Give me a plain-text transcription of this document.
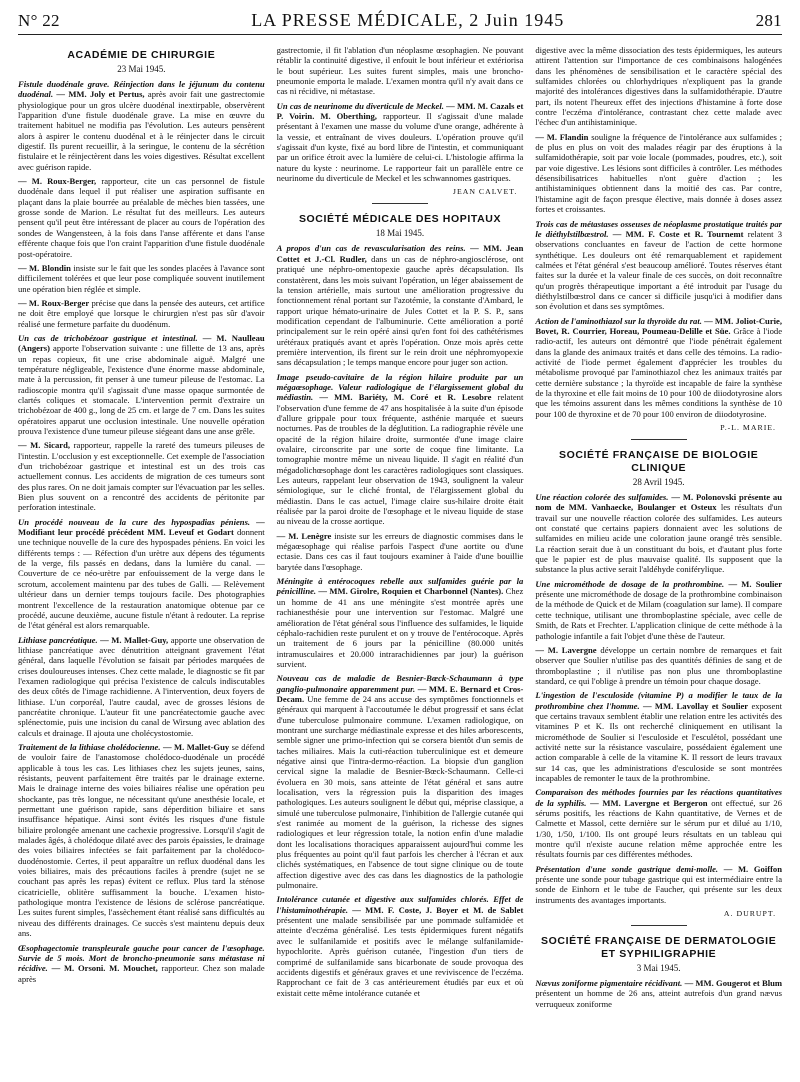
N° 22	LA PRESSE MÉDICALE, 2 Juin 1945	281
ACADÉMIE DE CHIRURGIE
23 Mai 1945.

Fistule duodénale grave. Réinjection dans le jéjunum du contenu duodénal. — MM. Joly et Pertus, après avoir fait une gastrectomie physiologique pour un gros ulcère duodénal inextirpable, observèrent l'apparition d'une fistule duodénale grave. La mise en œuvre du traitement habituel ne modifia pas l'évolution. Les auteurs pensèrent alors à aspirer le contenu duodénal et à le réinjecter dans le circuit digestif. Ils purent recueillir, à la seringue, le contenu de la sécrétion fistulaire et le réinjectèrent dans les voies digestives. Résultat excellent avec guérison rapide.

— M. Roux-Berger, rapporteur, cite un cas personnel de fistule duodénale dans lequel il put réaliser une aspiration suffisante en plaçant dans la plaie bourrée au préalable de mèches bien tassées, une grosse sonde de Marion. Le résultat fut des meilleurs. Les auteurs pensent qu'il peut être intéressant de placer au cours de l'opération des sondes de Wangensteen, à la fois dans l'anse afférente et dans l'anse efférente chaque fois que l'on craint l'apparition d'une fistule duodénale post-opératoire.

— M. Blondin insiste sur le fait que les sondes placées à l'avance sont difficilement tolérées et que leur pose compliquée souvent inutilement une opération bien réglée et simple.

— M. Roux-Berger précise que dans la pensée des auteurs, cet artifice ne doit être employé que lorsque le chirurgien n'est pas sûr d'avoir réalisé une fermeture parfaite du duodénum.

Un cas de trichobézoar gastrique et intestinal. — M. Naulleau (Angers) apporte l'observation suivante : une fillette de 13 ans, après un repas copieux, fit une crise abdominale aiguë. Malgré une température négligeable, l'existence d'une énorme masse abdominale, mate à la percussion, fit penser à une tumeur pileuse de l'estomac. La radioscopie montra qu'il s'agissait d'une masse opaque surmontée de clartés coliques et stomacale. L'intervention permit d'extraire un trichobézoar de 400 g., long de 25 cm. et large de 7 cm. Dans les suites opératoires apparut une occlusion intestinale. Une nouvelle opération prouva l'existence d'une tumeur pileuse siégeant dans une anse grêle.

— M. Sicard, rapporteur, rappelle la rareté des tumeurs pileuses de l'intestin. L'occlusion y est exceptionnelle. Cet exemple de l'association d'un trichobézoar gastrique et intestinal est un des trois cas actuellement connus. Les accidents de migration de ces tumeurs sont des plus rares. On ne doit jamais compter sur l'évacuation par les selles. Bien plus souvent on a rencontré des accidents de péritonite par perforation intestinale.

Un procédé nouveau de la cure des hypospadias péniens. — Modifiant leur procédé précédent MM. Leveuf et Godart donnent une technique nouvelle de la cure des hypospades péniens. En voici les différents temps : — Réfection d'un urètre aux dépens des téguments de la verge, fils passés en dedans, dans la lumière du canal. — Couverture de ce néo-urètre par enfouissement de la verge dans le scrotum, accolement maintenu par des tubes de Galli. — Relèvement ultérieur dans un dernier temps toujours facile. Des photographies montrent l'excellence de la restauration anatomique obtenue par ce procédé, aucune deuxième, aucune fistule n'étant à redouter. La reprise de l'état général est alors remarquable.

Lithiase pancréatique. — M. Mallet-Guy, apporte une observation de lithiase pancréatique avec dénutrition atteignant gravement l'état général, dans laquelle l'évolution se faisait par périodes marquées de crises douloureuses intenses. Chez cette malade, le diagnostic se fit par l'examen radiologique qui précisa l'existence de calculs indiscutables des deux côtés de l'image rachidienne. A l'intervention, deux foyers de lithiase. L'un corporéal, l'autre caudal, avec de grosses lésions de pancréatite chronique. L'auteur fit une pancréatectomie gauche avec splénectomie, puis une incision du canal de Wirsung avec ablation des calculs et drainage. Il ajouta une cholécystostomie.

Traitement de la lithiase cholédocienne. — M. Mallet-Guy se défend de vouloir faire de l'anastomose cholédoco-duodénale un procédé applicable à tous les cas. Les lithiases chez les sujets jeunes, sains, résistants, peuvent parfaitement être traités par le drainage externe. Mais le drainage interne des voies biliaires réalise une opération peu shockante, pas très longue, ne nécessitant qu'une anesthésie locale, et permettant une guérison rapide, sans déperdition biliaire et sans insuffisance hépatique. Ainsi sont évités les risques d'une fistule biliaire prolongée amenant une cachexie progressive. Lorsqu'il s'agit de malades âgés, à cholédoque dilaté avec des parois épaissies, le drainage des voies biliaires infectées se fait parfaitement par la cholédoco-duodénostomie. Certes, il peut apparaître un reflux duodénal dans les voies biliaires, mais des précautions faciles à prendre (sujet ne se couchant pas après les repas) évitent ce reflux. Plus tard la sténose cicatricielle, oblitère suffisamment la bouche. L'examen histo-pathologique montra l'existence de lésions de sclérose pancréatique. Les suites furent simples, l'assèchement étant réalisé sans difficultés au niveau des différents drainages. Ce succès s'est maintenu depuis deux ans.

Œsophagectomie transpleurale gauche pour cancer de l'œsophage. Survie de 5 mois. Mort de broncho-pneumonie sans métastase ni récidive. — M. Orsoni. M. Mouchet, rapporteur. Chez son malade après

gastrectomie, il fit l'ablation d'un néoplasme œsophagien. Ne pouvant rétablir la continuité digestive, il enfouit le bout inférieur et extériorisa le bout supérieur. Les suites furent simples, mais une broncho-pneumonie emporta le malade. L'examen montra qu'il n'y avait dans ce cas ni récidive, ni métastase.

Un cas de neurinome du diverticule de Meckel. — MM. M. Cazals et P. Voirin. M. Oberthing, rapporteur. Il s'agissait d'une malade présentant à l'examen une masse du volume d'une orange, adhérente à la vessie, et entraînant de vives douleurs. L'opération prouve qu'il s'agissait d'un kyste, fixé au bord libre de l'intestin, et communiquant par un orifice étroit avec la lumière de celui-ci. L'histologie affirma la nature du kyste : neurinome. Le rapporteur fait un parallèle entre ce neurinome du diverticule de Meckel et les schwannomes gastriques.

JEAN CALVET.
SOCIÉTÉ MÉDICALE DES HOPITAUX
18 Mai 1945.

A propos d'un cas de revascularisation des reins. — MM. Jean Cottet et J.-Cl. Rudler, dans un cas de néphro-angiosclérose, ont pratiqué une néphro-omentopexie gauche après décapsulation. Ils constatèrent, dans les mois suivant l'opération, un léger abaissement de la tension artérielle, mais surtout une amélioration progressive du fonctionnement rénal portant sur l'azotémie, la constante d'Ambard, le rapport urique hémato-urinaire de Jules Cottet et la P. S. P., sans modification cependant de l'albuminurie. Cette amélioration a porté principalement sur le rein opéré ainsi qu'en font foi des cathétérismes urétéraux pratiqués avant et après l'opération. Onze mois après cette première intervention, ils firent sur le rein droit une néphromyopexie sans décapsulation ; le temps manque encore pour juger son action.

Image pseudo-cavitaire de la région hilaire produite par un mégaœsophage. Valeur radiologique de l'élargissement global du médiastin. — MM. Bariéty, M. Coré et R. Lesobre relatent l'observation d'une femme de 47 ans hospitalisée à la suite d'un épisode d'allure grippale pour toux fréquente, asthénie marquée et sueurs nocturnes. Pas de troubles de la déglutition. La radiographie révèle une opacité de la région hilaire droite, surmontée d'une image claire ovalaire, circonscrite par une sorte de coque fine limitante. La tomographie montre même un niveau liquide. Il s'agit en réalité d'un mégadolichœsophage dont les caractères radiologiques sont classiques. Les auteurs, rappelant leur observation de 1943, soulignent la valeur sémiologique, sur le cliché frontal, de l'élargissement global du médiastin. Dans le cas actuel, l'image claire sus-hilaire droite était réalisée par la paroi droite de l'œsophage et le niveau liquide de stase au niveau de la crosse aortique.

— M. Lenègre insiste sur les erreurs de diagnostic commises dans le mégaœsophage qui réalise parfois l'aspect d'une aortite ou d'une ectasie. Dans ces cas il faut toujours examiner à l'aide d'une bouillie barytée dans l'œsophage.

Méningite à entérocoques rebelle aux sulfamides guérie par la pénicilline. — MM. Girolre, Roquien et Charbonnel (Nantes). Chez un homme de 41 ans une méningite s'est montrée après une rachianesthésie pour une intervention sur l'estomac. Malgré une amélioration de l'état général sous l'influence des sulfamides, le liquide céphalo-rachidien reste purulent et on y trouve de l'entérocoque. Après un traitement de 6 jours par la pénicilline (80.000 unités intramusculaires et 20.000 intrarachidiennes par jour) la guérison survient.

Nouveau cas de maladie de Besnier-Bœck-Schaumann à type ganglio-pulmonaire apparemment pur. — MM. E. Bernard et Cros-Decam. Une femme de 24 ans accuse des symptômes fonctionnels et généraux qui marquent à l'accoutumée le début progressif et sans éclat d'une tuberculose pulmonaire commune. L'examen radiologique, on montrant une surcharge médiastinale expresse et des hiles arborescents, semble signer une primo-infection qui se corsera bientôt d'un semis de taches miliaires. Mais la cuti-réaction tuberculinique est et demeure négative ainsi que l'intra-dermo-réaction. La biopsie d'un ganglion cervical signe la maladie de Besnier-Bœck-Schaumann. Celle-ci évoluera en 30 mois, sans atteinte de l'état général et sans autre localisation, vers la régression puis la disparition des images pathologiques. Les auteurs soulignent le début qui, méprise classique, a simulé une tuberculose pulmonaire, l'inhibition de l'allergie cutanée qui s'est ranimée au moment de la guérison, la richesse des signes radiologiques et leur régression totale, la notion enfin d'une maladie dont les localisations thoraciques apparaissent aujourd'hui comme les plus fréquentes au point qu'il faut parfois les chercher à l'écran et aux clichés systématiques, en l'absence de tout signe clinique ou de toute affection digestive avec des cas dans les diagnostics de la pathologie pulmonaire.

Intolérance cutanée et digestive aux sulfamides chlorés. Effet de l'histaminothérapie. — MM. F. Coste, J. Boyer et M. de Sablet présentent une malade sensibilisée par une pommade sulfamidée et atteinte d'eczéma généralisé. Les tests épidermiques furent négatifs avec le sulfanilamide et positifs avec le mélange sulfanilamide-hypochlorite. Après guérison cutanée, l'ingestion d'un tiers de comprimé de sulfanilamide sans bicarbonate de soude provoqua des accidents digestifs et généraux graves et une reviviscence de l'eczéma. Rapprochant ce fait de 3 cas antérieurement étudiés par eux et où existait cette même intolérance cutanée et

digestive avec la même dissociation des tests épidermiques, les auteurs attirent l'attention sur l'importance de ces combinaisons halogénées dans les phénomènes de sensibilisation et le caractère spécial des sulfamides chlorées ou chlorhydriques n'expliquent pas la grande majorité des intolérances digestives dans la sulfamidothérapie. D'autre part, ils notent l'heureux effet des injections d'histamine à forte dose contre l'eczéma d'intolérance, contrastant chez cette malade avec l'échec d'un antihistaminique.

— M. Flandin souligne la fréquence de l'intolérance aux sulfamides ; de plus en plus on voit des malades réagir par des éruptions à la sulfamidothérapie, soit par voie locale (pommades, poudres, etc.), soit par voie digestive. Les lésions sont difficiles à contrôler. Les méthodes désensibilisatrices habituelles n'ont guère d'action ; les antihistaminiques obtiennent dans la moitié des cas. Par contre, l'histamine agit de façon presque élective, mais donnée à doses assez fortes et croissantes.

Trois cas de métastases osseuses de néoplasme prostatique traités par le diéthylstilbæstrol. — MM. F. Coste et R. Tournemt relatent 3 observations concluantes en faveur de l'action de cette hormone synthétique. Les douleurs ont été remarquablement et rapidement calmées et l'état général s'est beaucoup amélioré. Toutes réserves étant faites sur la durée et la valeur finale de ces succès, on doit reconnaître qu'un progrès thérapeutique important a été introduit par l'usage du diéthylstilbœstrol dans ce cancer si difficile jusqu'ici à modifier dans son évolution et dans ses symptômes.

Action de l'aminothiazol sur la thyroïde du rat. — MM. Joliot-Curie, Bovet, R. Courrier, Horeau, Poumeau-Delille et Süe. Grâce à l'iode radio-actif, les auteurs ont démontré que l'iode pénétrait également dans la glande des animaux traités et dans celle des témoins. La radio-activité de l'iode permet également d'apprécier les troubles du métabolisme provoqué par l'aminothiazol chez les animaux traités par cette dernière substance ; la thyroïde est incapable de faire la synthèse de la thyroxine et elle fait moins de 10 pour 100 de diiodotyrosine alors que les témoins assurent dans les mêmes conditions la synthèse de 10 pour 100 de thyroxine et de 70 pour 100 environ de diiodotyrosine.

P.-L. MARIE.
SOCIÉTÉ FRANÇAISE DE BIOLOGIE CLINIQUE
28 Avril 1945.

Une réaction colorée des sulfamides. — M. Polonovski présente au nom de MM. Vanhaecke, Boulanger et Osteux les résultats d'un travail sur une nouvelle réaction colorée des sulfamides. Les auteurs ont constaté que certains papiers donnaient avec les solutions de sulfamides en milieu acide une coloration jaune orangé très sensible. La réaction serait due à un constituant du bois, et d'autant plus forte que le papier est de plus mauvaise qualité. Ils supposent que la substance la plus active serait l'aldéhyde coniférylique.

Une microméthode de dosage de la prothrombine. — M. Soulier présente une microméthode de dosage de la prothrombine combinaison de la méthode de Quick et de Milam (coagulation sur lame). Il compare cette technique, utilisant une thromboplastine spéciale, avec celle de Smith, de Rats et Frechter. L'application clinique de cette méthode à la pathologie infantile a fait l'objet d'une thèse de l'auteur.

— M. Lavergne développe un certain nombre de remarques et fait observer que Soulier n'utilise pas des quantités définies de sang et de thromboplastine ; il n'utilise pas non plus une thromboplastine standard, ce qui l'oblige à prendre un témoin pour chaque dosage.

L'ingestion de l'esculoside (vitamine P) a modifier le taux de la prothrombine chez l'homme. — MM. Lavollay et Soulier exposent que certains travaux semblent établir une relation entre les activités des vitamines P et K. Ils ont recherché cliniquement en utilisant la microméthode de Soulier si l'esculoside et l'esculétol, possédant une activité nette sur la résistance vasculaire, possédaient également une action comparable à celle de la vitamine K. Il ressort de leurs travaux sur 14 cas, que les administrations d'esculoside se sont montrées incapables de remonter le taux de la prothrombine.

Comparaison des méthodes fournies par les réactions quantitatives de la syphilis. — MM. Lavergne et Bergeron ont effectué, sur 26 sérums positifs, les réactions de Kahn quantitative, de Vernes et de Calmette et Massol, cette dernière sur le sérum pur et dilué au 1/10, 1/30, 1/50, 1/100. Ils ont groupé leurs résultats en un tableau qui montre qu'il n'existe aucune relation même approchée entre les résultats fournis par ces différentes méthodes.

Présentation d'une sonde gastrique demi-molle. — M. Goiffon présente une sonde pour tubage gastrique qui est intermédiaire entre la sonde de Einhorn et le tube de Faucher, qui présente sur les deux instruments des avantages importants.

A. DURUPT.
SOCIÉTÉ FRANÇAISE DE DERMATOLOGIE ET SYPHILIGRAPHIE
3 Mai 1945.

Nævus zoniforme pigmentaire récidivant. — MM. Gougerot et Blum présentent un homme de 26 ans, atteint autrefois d'un grand nævus verruqueux zoniforme
